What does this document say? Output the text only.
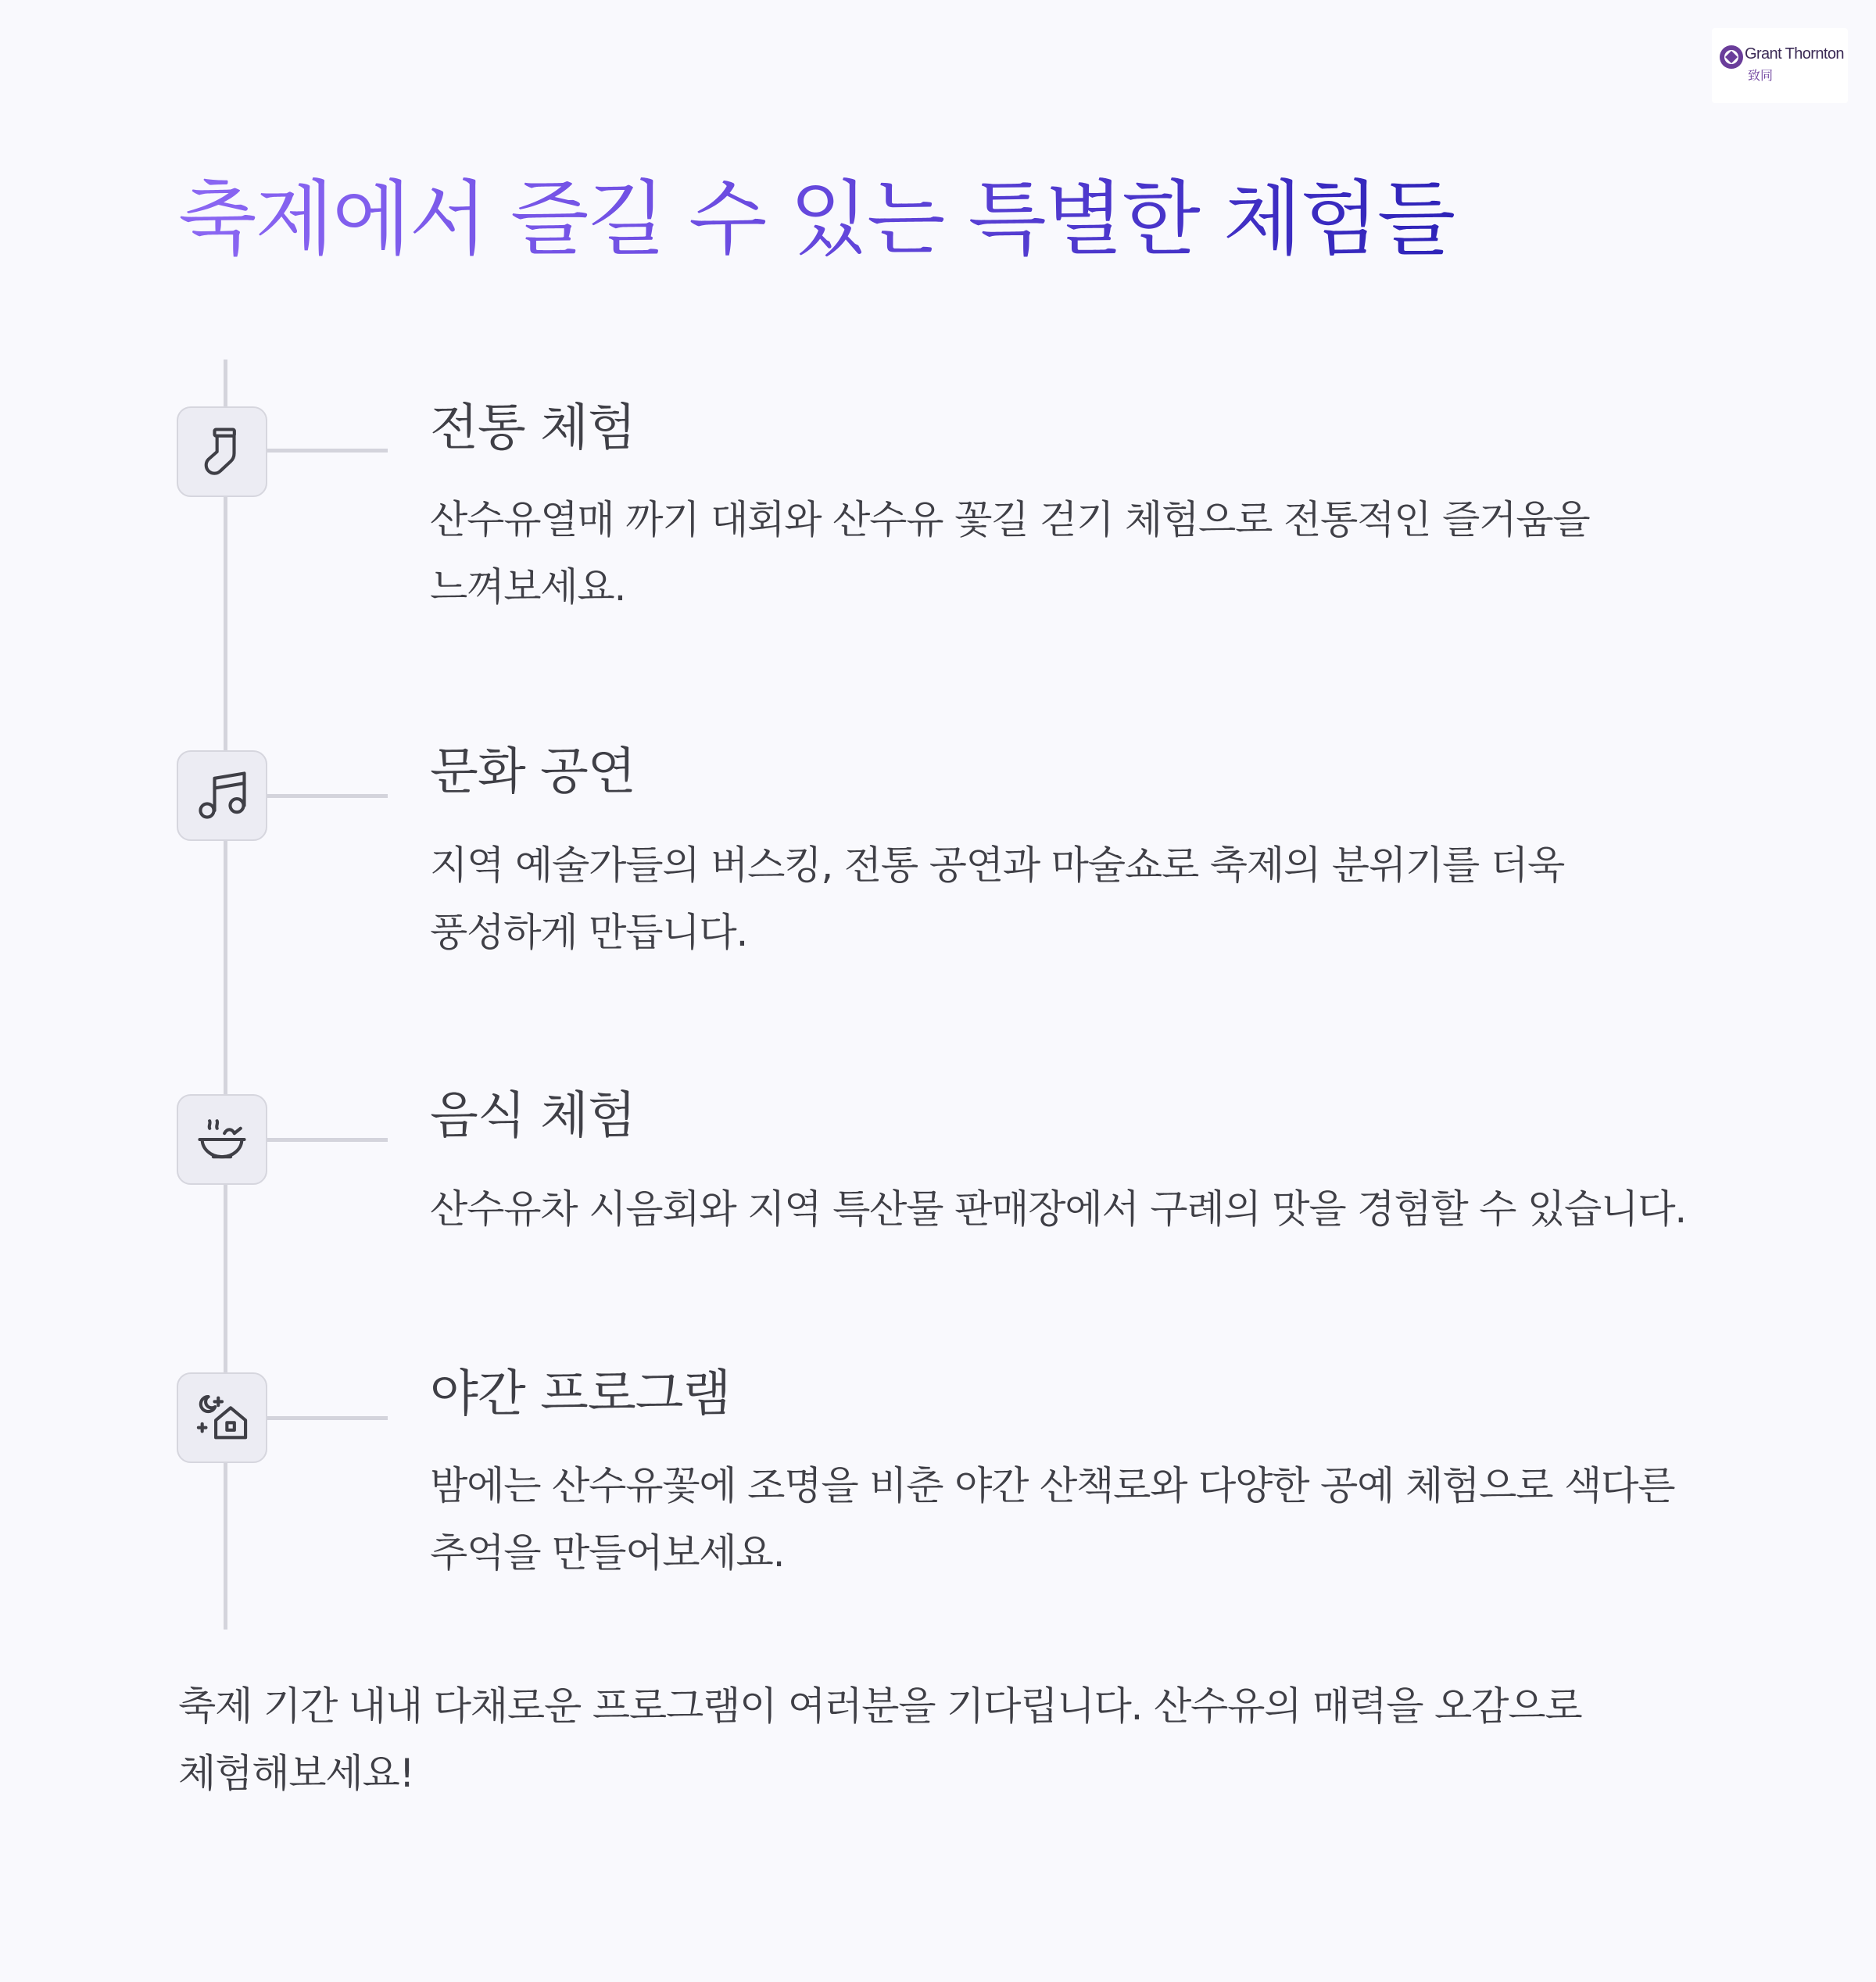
Grant Thornton
致同
축제에서 즐길 수 있는 특별한 체험들
전통 체험

산수유열매 까기 대회와 산수유 꽃길 걷기 체험으로 전통적인 즐거움을 느껴보세요.

문화 공연

지역 예술가들의 버스킹, 전통 공연과 마술쇼로 축제의 분위기를 더욱 풍성하게 만듭니다.

음식 체험

산수유차 시음회와 지역 특산물 판매장에서 구례의 맛을 경험할 수 있습니다.

야간 프로그램

밤에는 산수유꽃에 조명을 비춘 야간 산책로와 다양한 공예 체험으로 색다른 추억을 만들어보세요.

축제 기간 내내 다채로운 프로그램이 여러분을 기다립니다. 산수유의 매력을 오감으로 체험해보세요!
